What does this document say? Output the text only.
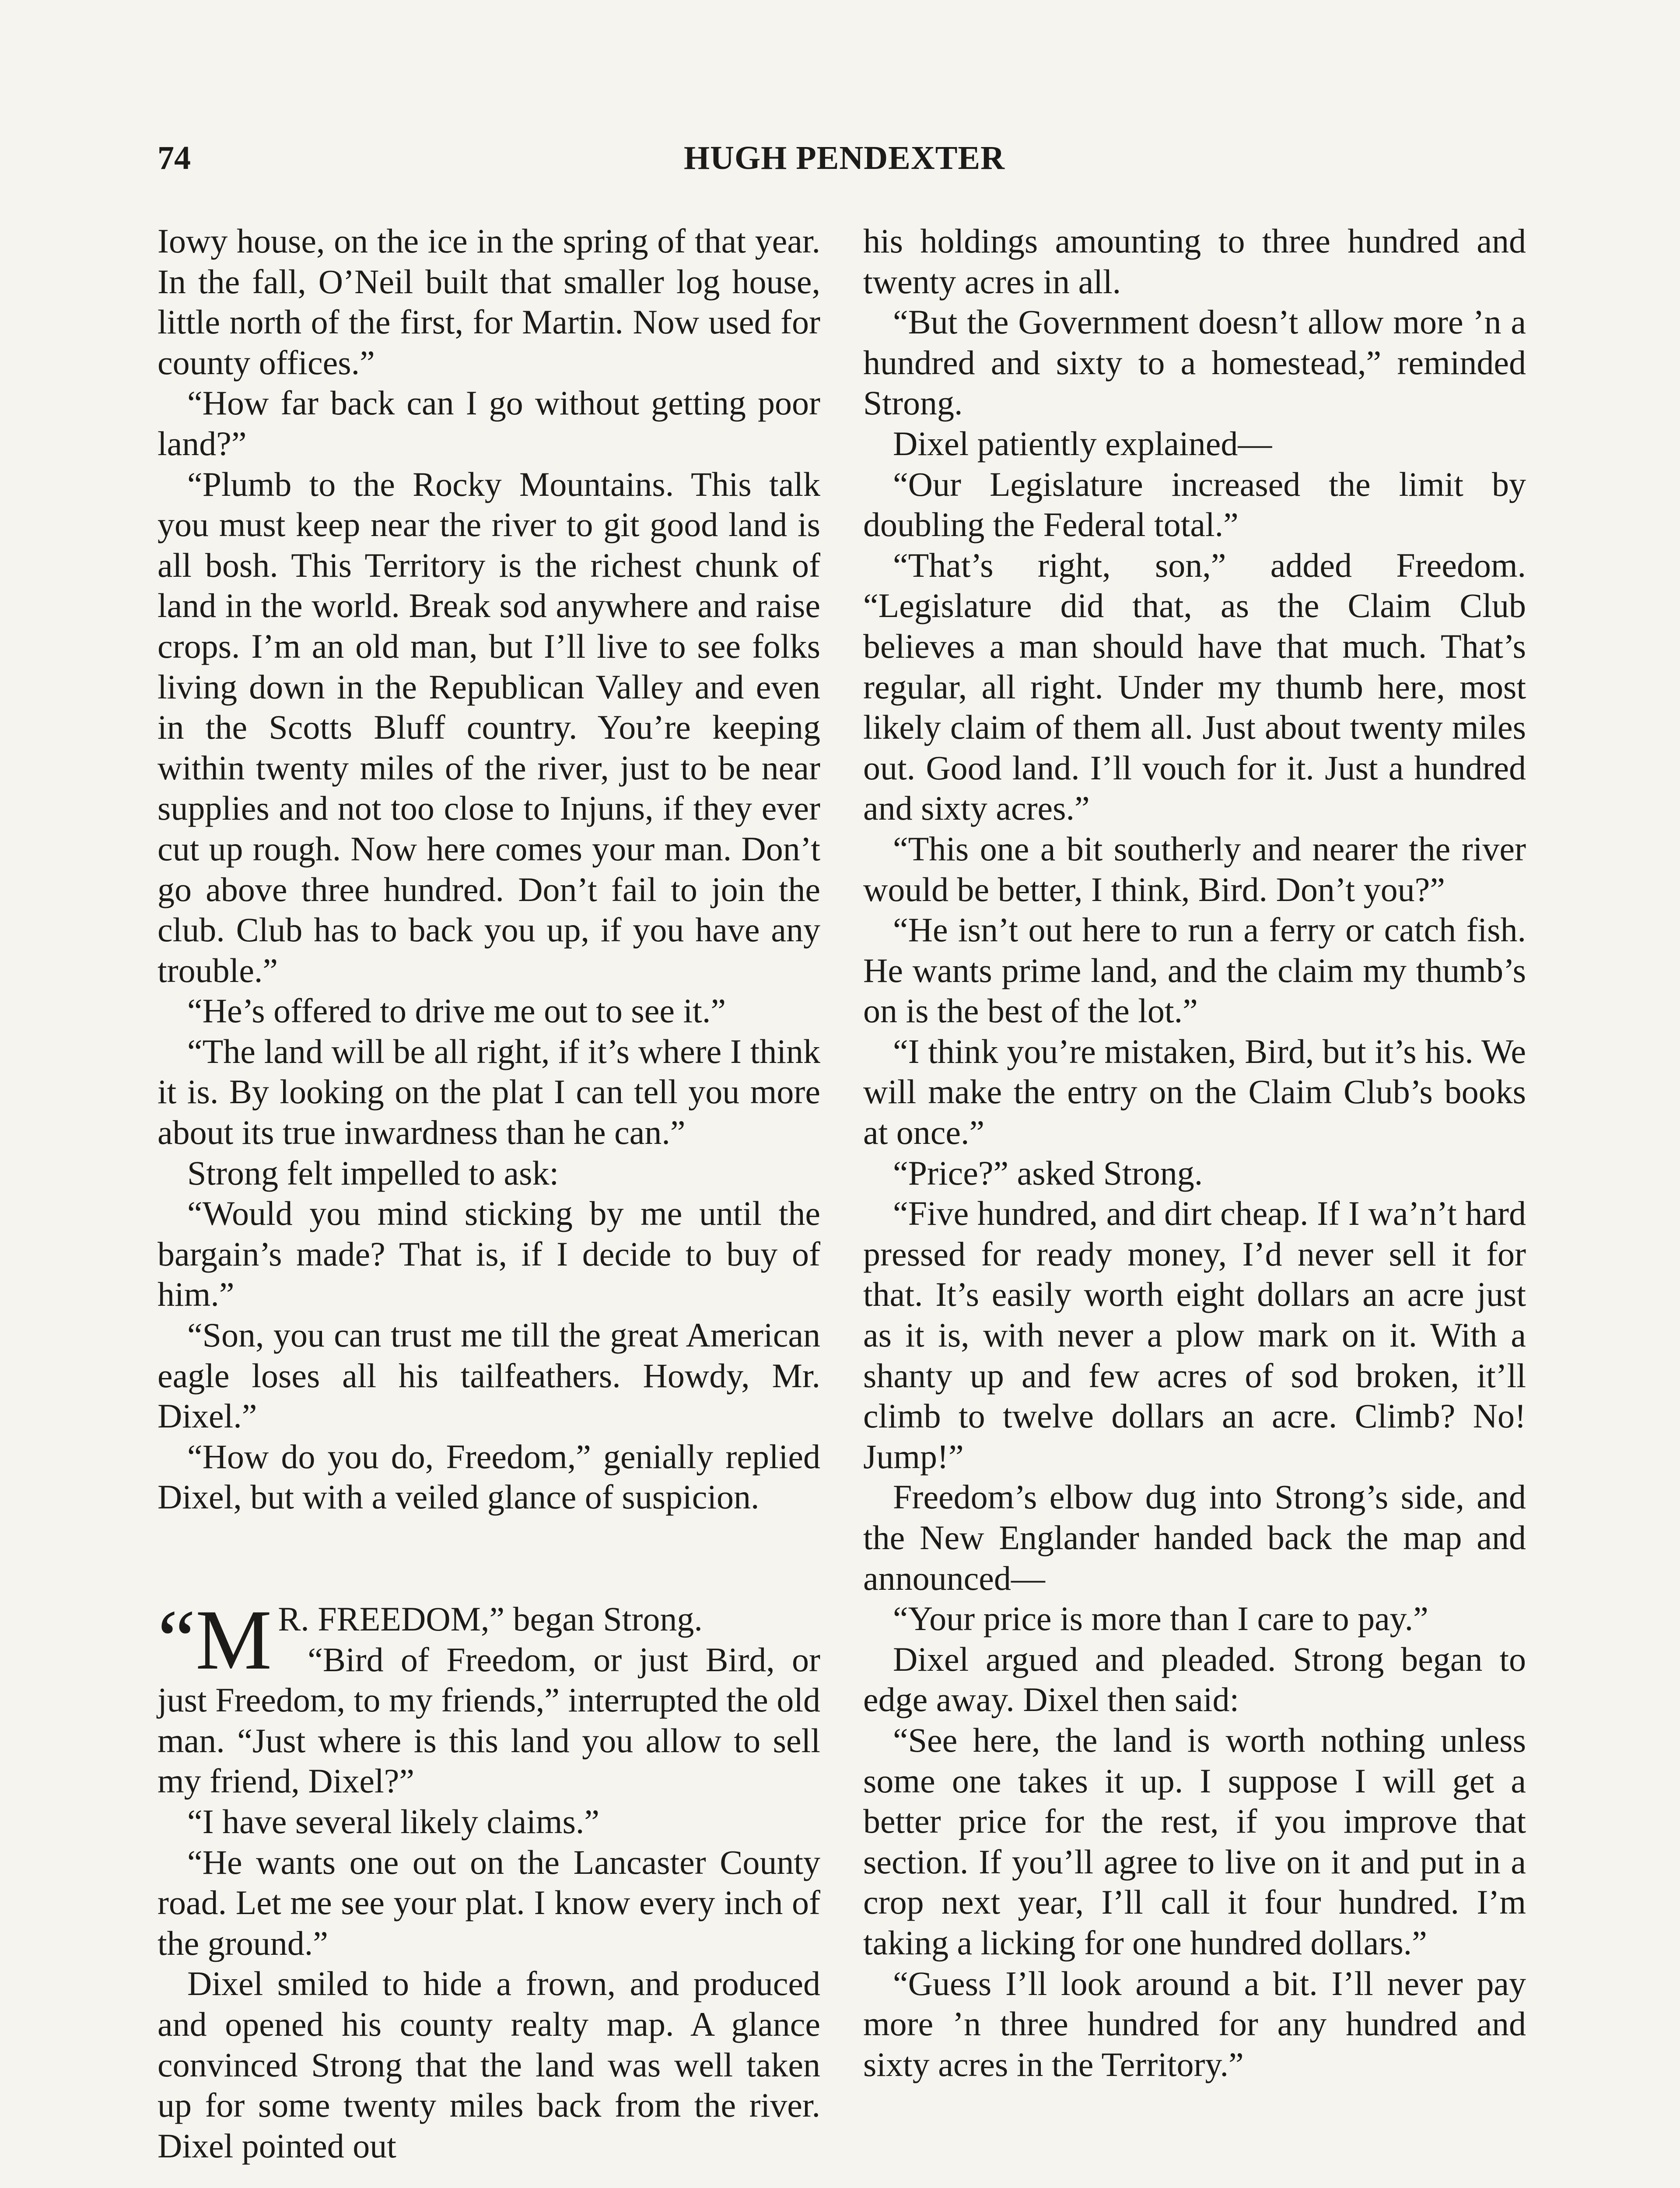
74	HUGH PENDEXTER

Iowy house, on the ice in the spring of that year. In the fall, O’Neil built that smaller log house, little north of the first, for Martin. Now used for county offices.”

“How far back can I go without getting poor land?”

“Plumb to the Rocky Mountains. This talk you must keep near the river to git good land is all bosh. This Territory is the richest chunk of land in the world. Break sod anywhere and raise crops. I’m an old man, but I’ll live to see folks living down in the Republican Valley and even in the Scotts Bluff country. You’re keeping within twenty miles of the river, just to be near supplies and not too close to Injuns, if they ever cut up rough. Now here comes your man. Don’t go above three hundred. Don’t fail to join the club. Club has to back you up, if you have any trouble.”

“He’s offered to drive me out to see it.”

“The land will be all right, if it’s where I think it is. By looking on the plat I can tell you more about its true inwardness than he can.”

Strong felt impelled to ask:

“Would you mind sticking by me until the bargain’s made? That is, if I decide to buy of him.”

“Son, you can trust me till the great American eagle loses all his tailfeathers. Howdy, Mr. Dixel.”

“How do you do, Freedom,” genially replied Dixel, but with a veiled glance of suspicion.

“M R. FREEDOM,” began Strong.

“Bird of Freedom, or just Bird, or just Freedom, to my friends,” interrupted the old man. “Just where is this land you allow to sell my friend, Dixel?”

“I have several likely claims.”

“He wants one out on the Lancaster County road. Let me see your plat. I know every inch of the ground.”

Dixel smiled to hide a frown, and produced and opened his county realty map. A glance convinced Strong that the land was well taken up for some twenty miles back from the river. Dixel pointed out

his holdings amounting to three hundred and twenty acres in all.

“But the Government doesn’t allow more ’n a hundred and sixty to a homestead,” reminded Strong.

Dixel patiently explained—

“Our Legislature increased the limit by doubling the Federal total.”

“That’s right, son,” added Freedom. “Legislature did that, as the Claim Club believes a man should have that much. That’s regular, all right. Under my thumb here, most likely claim of them all. Just about twenty miles out. Good land. I’ll vouch for it. Just a hundred and sixty acres.”

“This one a bit southerly and nearer the river would be better, I think, Bird. Don’t you?”

“He isn’t out here to run a ferry or catch fish. He wants prime land, and the claim my thumb’s on is the best of the lot.”

“I think you’re mistaken, Bird, but it’s his. We will make the entry on the Claim Club’s books at once.”

“Price?” asked Strong.

“Five hundred, and dirt cheap. If I wa’n’t hard pressed for ready money, I’d never sell it for that. It’s easily worth eight dollars an acre just as it is, with never a plow mark on it. With a shanty up and few acres of sod broken, it’ll climb to twelve dollars an acre. Climb? No! Jump!”

Freedom’s elbow dug into Strong’s side, and the New Englander handed back the map and announced—

“Your price is more than I care to pay.”

Dixel argued and pleaded. Strong began to edge away. Dixel then said:

“See here, the land is worth nothing unless some one takes it up. I suppose I will get a better price for the rest, if you improve that section. If you’ll agree to live on it and put in a crop next year, I’ll call it four hundred. I’m taking a licking for one hundred dollars.”

“Guess I’ll look around a bit. I’ll never pay more ’n three hundred for any hundred and sixty acres in the Territory.”
